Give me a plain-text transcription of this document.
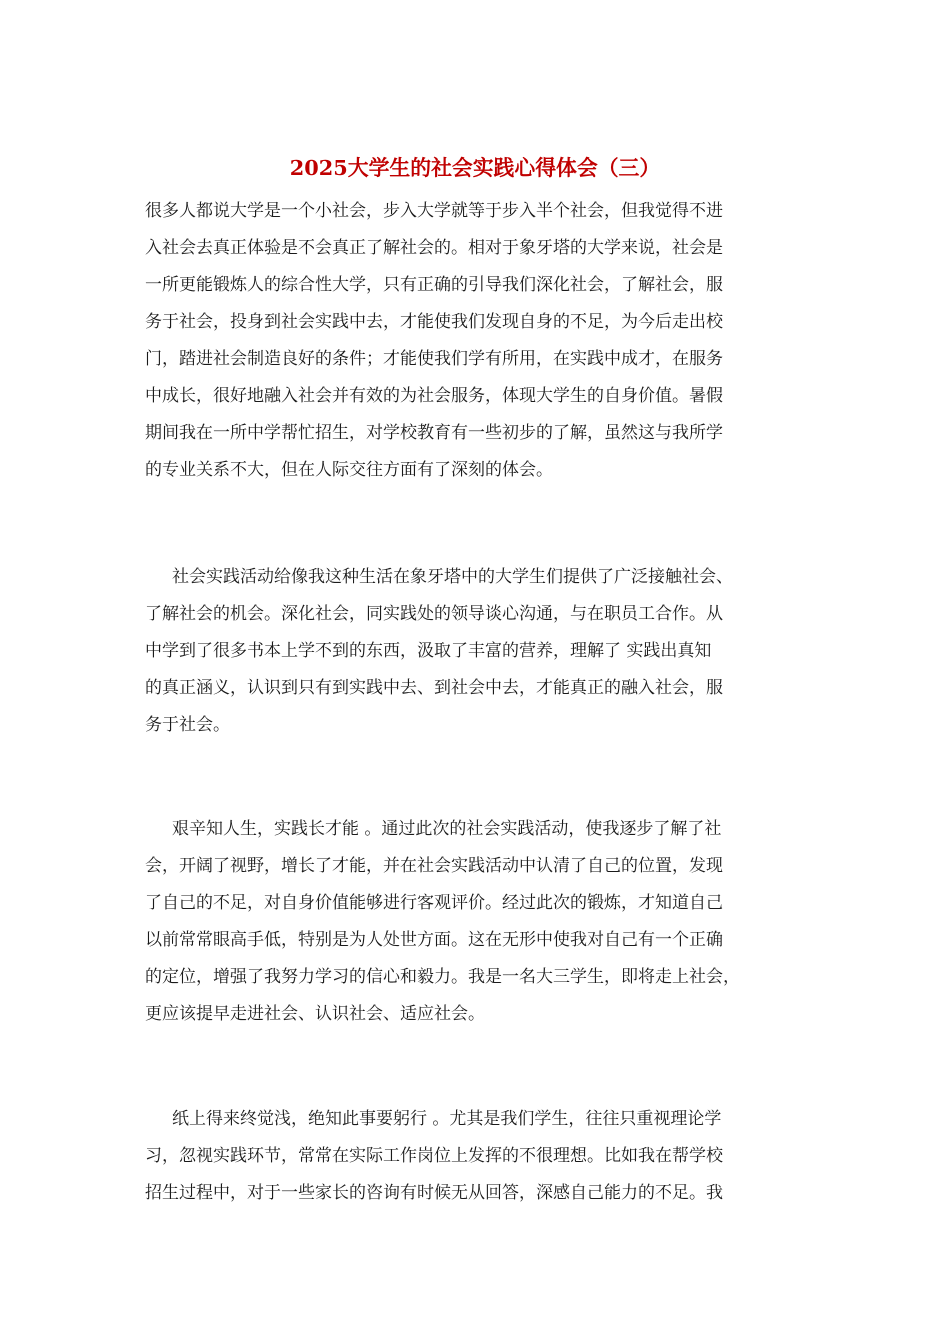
2025大学生的社会实践心得体会（三）
很多人都说大学是一个小社会，步入大学就等于步入半个社会，但我觉得不进
入社会去真正体验是不会真正了解社会的。相对于象牙塔的大学来说，社会是
一所更能锻炼人的综合性大学，只有正确的引导我们深化社会，了解社会，服
务于社会，投身到社会实践中去，才能使我们发现自身的不足，为今后走出校
门，踏进社会制造良好的条件；才能使我们学有所用，在实践中成才，在服务
中成长，很好地融入社会并有效的为社会服务，体现大学生的自身价值。暑假
期间我在一所中学帮忙招生，对学校教育有一些初步的了解，虽然这与我所学
的专业关系不大，但在人际交往方面有了深刻的体会。
社会实践活动给像我这种生活在象牙塔中的大学生们提供了广泛接触社会、
了解社会的机会。深化社会，同实践处的领导谈心沟通，与在职员工合作。从
中学到了很多书本上学不到的东西，汲取了丰富的营养，理解了 实践出真知
的真正涵义，认识到只有到实践中去、到社会中去，才能真正的融入社会，服
务于社会。
艰辛知人生，实践长才能 。通过此次的社会实践活动，使我逐步了解了社
会，开阔了视野，增长了才能，并在社会实践活动中认清了自己的位置，发现
了自己的不足，对自身价值能够进行客观评价。经过此次的锻炼，才知道自己
以前常常眼高手低，特别是为人处世方面。这在无形中使我对自己有一个正确
的定位，增强了我努力学习的信心和毅力。我是一名大三学生，即将走上社会，
更应该提早走进社会、认识社会、适应社会。
纸上得来终觉浅，绝知此事要躬行 。尤其是我们学生，往往只重视理论学
习，忽视实践环节，常常在实际工作岗位上发挥的不很理想。比如我在帮学校
招生过程中，对于一些家长的咨询有时候无从回答，深感自己能力的不足。我
